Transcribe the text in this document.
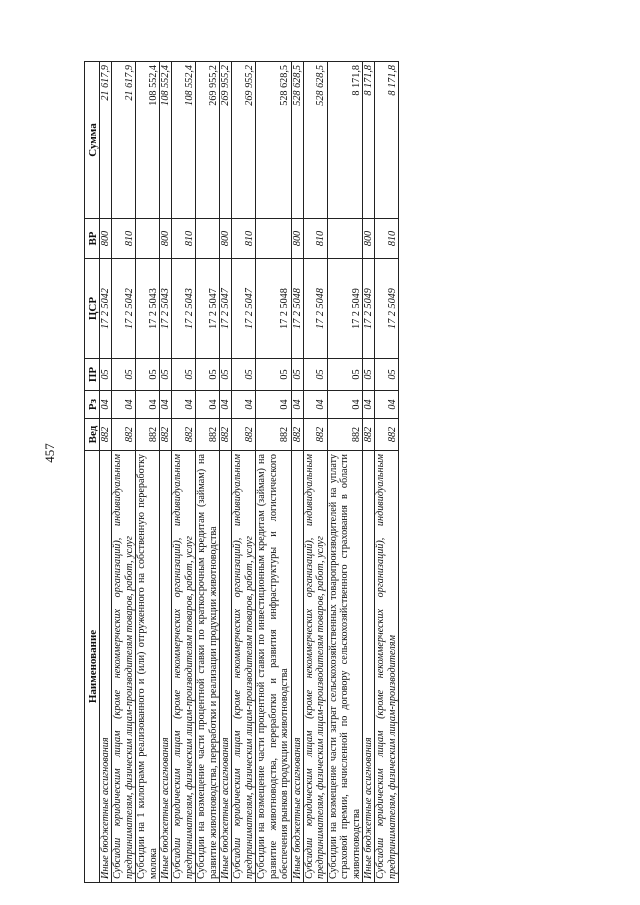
457
Наименование	Вед	Рз	ПР	ЦСР	ВР	Сумма
Иные бюджетные ассигнования	882	04	05	17 2 5042	800	21 617,9
Субсидии юридическим лицам (кроме некоммерческих организаций), индивидуальным предпринимателям, физическим лицам-производителям товаров, работ, услуг	882	04	05	17 2 5042	810	21 617,9
Субсидии на 1 килограмм реализованного и (или) отгруженного на собственную переработку молока	882	04	05	17 2 5043		108 552,4
Иные бюджетные ассигнования	882	04	05	17 2 5043	800	108 552,4
Субсидии юридическим лицам (кроме некоммерческих организаций), индивидуальным предпринимателям, физическим лицам-производителям товаров, работ, услуг	882	04	05	17 2 5043	810	108 552,4
Субсидии на возмещение части процентной ставки по краткосрочным кредитам (займам) на развитие животноводства, переработки и реализации продукции животноводства	882	04	05	17 2 5047		269 955,2
Иные бюджетные ассигнования	882	04	05	17 2 5047	800	269 955,2
Субсидии юридическим лицам (кроме некоммерческих организаций), индивидуальным предпринимателям, физическим лицам-производителям товаров, работ, услуг	882	04	05	17 2 5047	810	269 955,2
Субсидии на возмещение части процентной ставки по инвестиционным кредитам (займам) на развитие животноводства, переработки и развития инфраструктуры и логистического обеспечения рынков продукции животноводства	882	04	05	17 2 5048		528 628,5
Иные бюджетные ассигнования	882	04	05	17 2 5048	800	528 628,5
Субсидии юридическим лицам (кроме некоммерческих организаций), индивидуальным предпринимателям, физическим лицам-производителям товаров, работ, услуг	882	04	05	17 2 5048	810	528 628,5
Субсидии на возмещение части затрат сельскохозяйственных товаропроизводителей на уплату страховой премии, начисленной по договору сельскохозяйственного страхования в области животноводства	882	04	05	17 2 5049		8 171,8
Иные бюджетные ассигнования	882	04	05	17 2 5049	800	8 171,8
Субсидии юридическим лицам (кроме некоммерческих организаций), индивидуальным предпринимателям, физическим лицам-производителям	882	04	05	17 2 5049	810	8 171,8
